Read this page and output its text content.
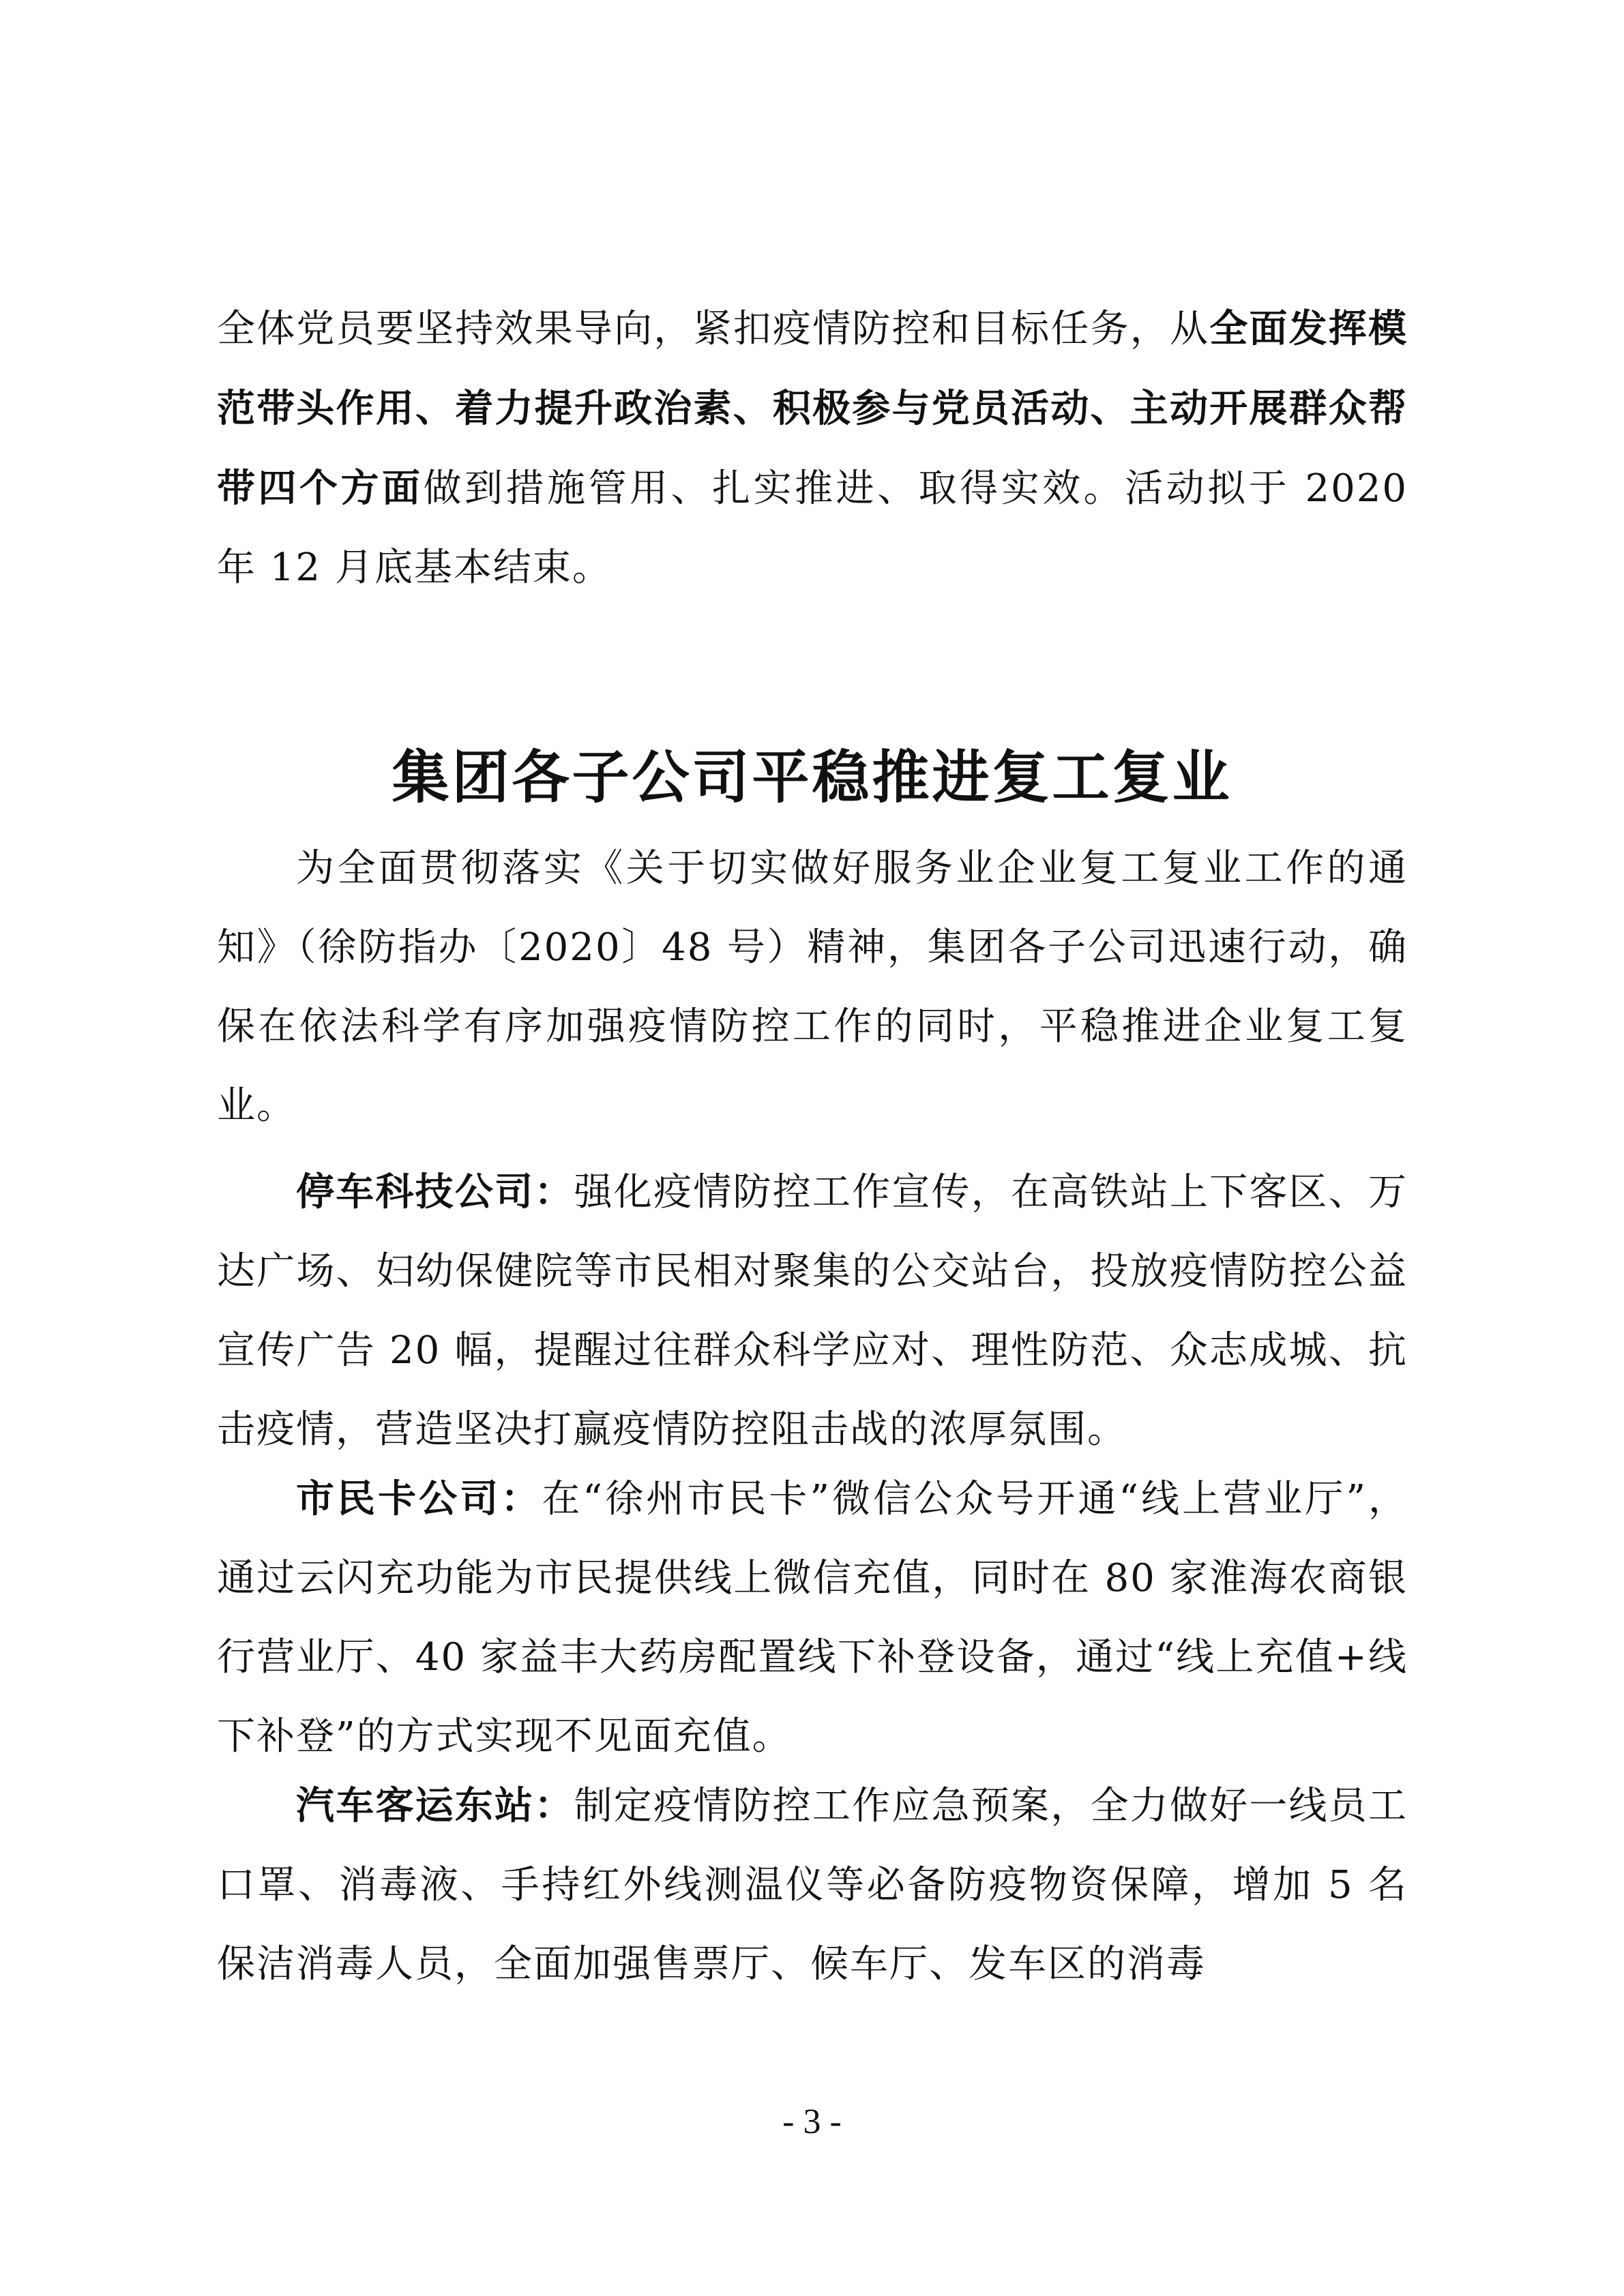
全体党员要坚持效果导向，紧扣疫情防控和目标任务，从全面发挥模范带头作用、着力提升政治素、积极参与党员活动、主动开展群众帮带四个方面做到措施管用、扎实推进、取得实效。活动拟于 2020 年 12 月底基本结束。

集团各子公司平稳推进复工复业

为全面贯彻落实《关于切实做好服务业企业复工复业工作的通知》（徐防指办〔2020〕48 号）精神，集团各子公司迅速行动，确保在依法科学有序加强疫情防控工作的同时，平稳推进企业复工复业。

停车科技公司：强化疫情防控工作宣传，在高铁站上下客区、万达广场、妇幼保健院等市民相对聚集的公交站台，投放疫情防控公益宣传广告 20 幅，提醒过往群众科学应对、理性防范、众志成城、抗击疫情，营造坚决打赢疫情防控阻击战的浓厚氛围。

市民卡公司：在“徐州市民卡”微信公众号开通“线上营业厅”，通过云闪充功能为市民提供线上微信充值，同时在 80 家淮海农商银行营业厅、40 家益丰大药房配置线下补登设备，通过“线上充值+线下补登”的方式实现不见面充值。

汽车客运东站：制定疫情防控工作应急预案，全力做好一线员工口罩、消毒液、手持红外线测温仪等必备防疫物资保障，增加 5 名保洁消毒人员，全面加强售票厅、候车厅、发车区的消毒

- 3 -
